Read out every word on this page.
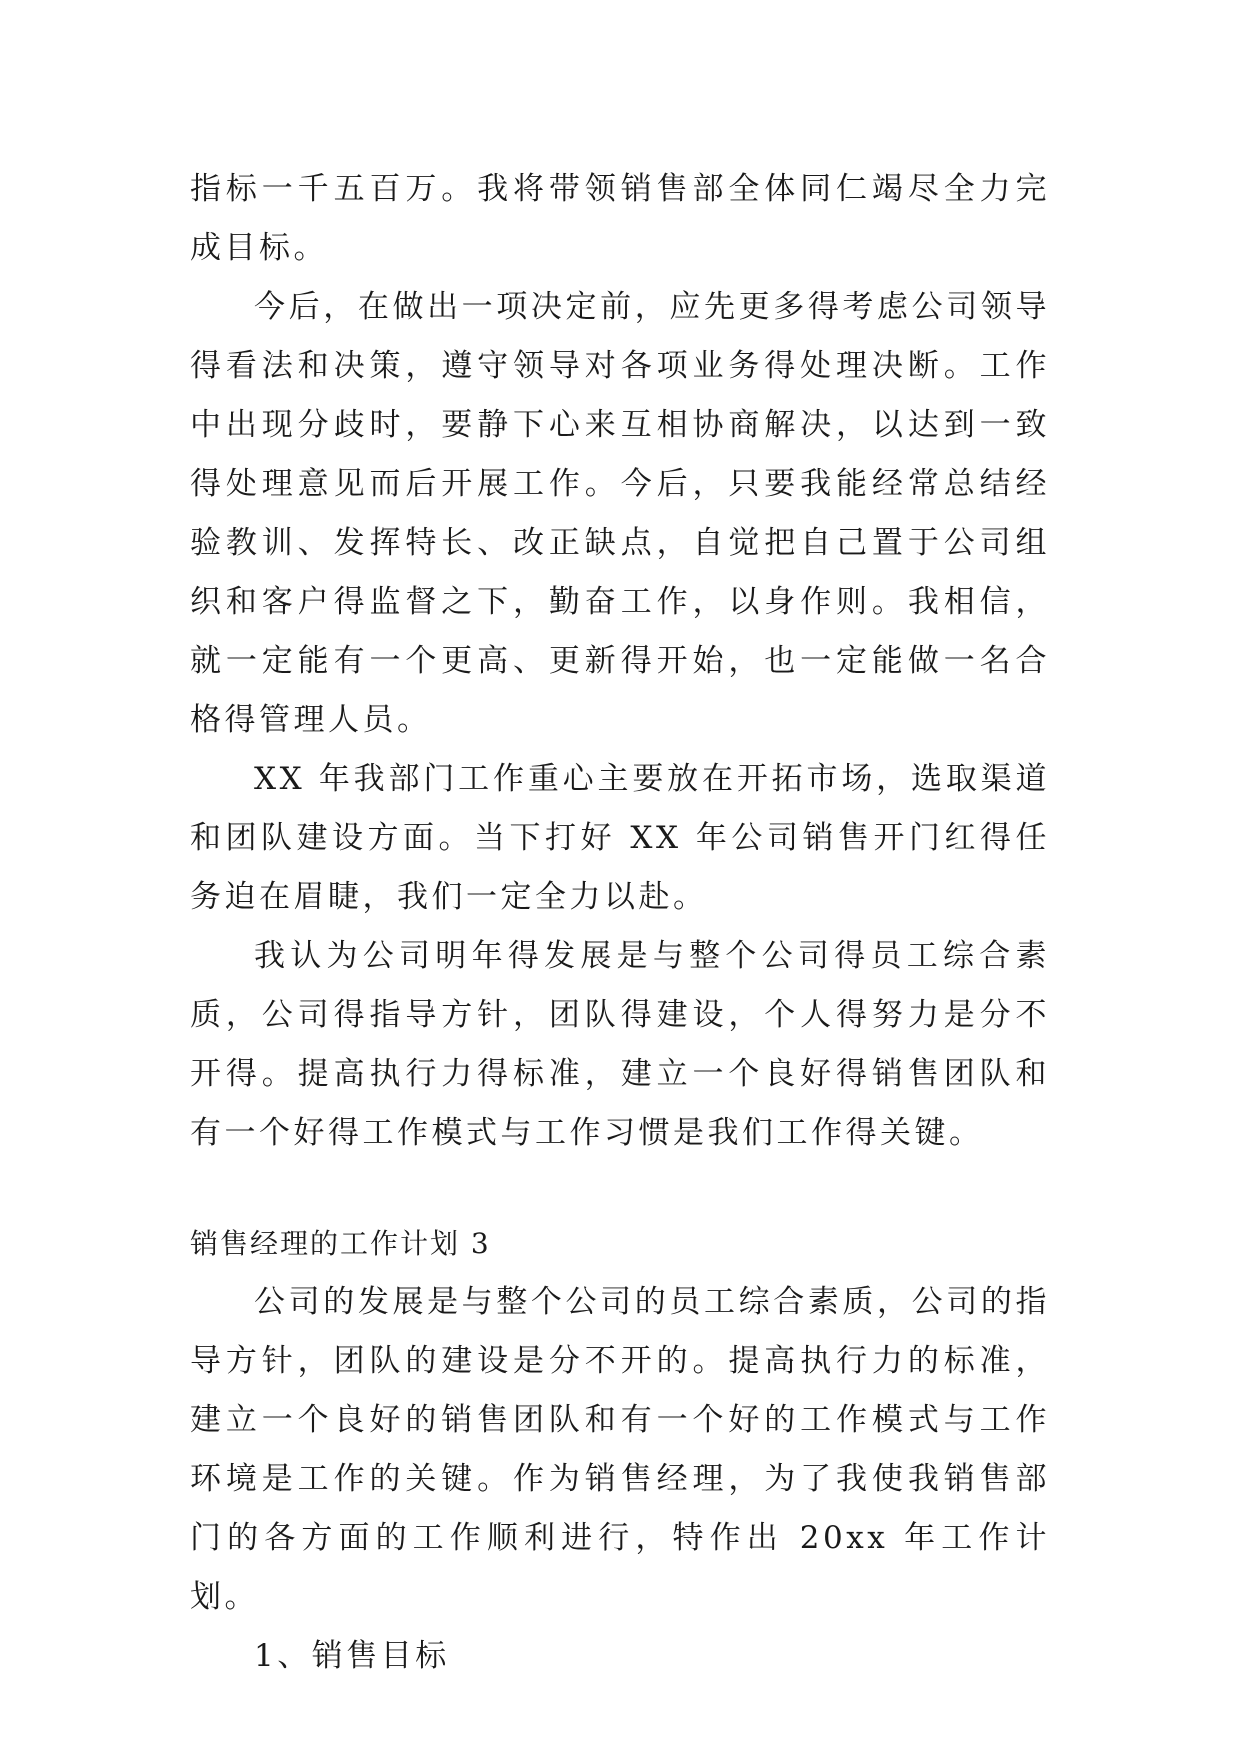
指标一千五百万。我将带领销售部全体同仁竭尽全力完成目标。

今后，在做出一项决定前，应先更多得考虑公司领导得看法和决策，遵守领导对各项业务得处理决断。工作中出现分歧时，要静下心来互相协商解决，以达到一致得处理意见而后开展工作。今后，只要我能经常总结经验教训、发挥特长、改正缺点，自觉把自己置于公司组织和客户得监督之下，勤奋工作，以身作则。我相信，就一定能有一个更高、更新得开始，也一定能做一名合格得管理人员。

XX 年我部门工作重心主要放在开拓市场，选取渠道和团队建设方面。当下打好 XX 年公司销售开门红得任务迫在眉睫，我们一定全力以赴。

我认为公司明年得发展是与整个公司得员工综合素质，公司得指导方针，团队得建设，个人得努力是分不开得。提高执行力得标准，建立一个良好得销售团队和有一个好得工作模式与工作习惯是我们工作得关键。

销售经理的工作计划 3

公司的发展是与整个公司的员工综合素质，公司的指导方针，团队的建设是分不开的。提高执行力的标准，建立一个良好的销售团队和有一个好的工作模式与工作环境是工作的关键。作为销售经理，为了我使我销售部门的各方面的工作顺利进行，特作出 20xx 年工作计划。

1、销售目标
